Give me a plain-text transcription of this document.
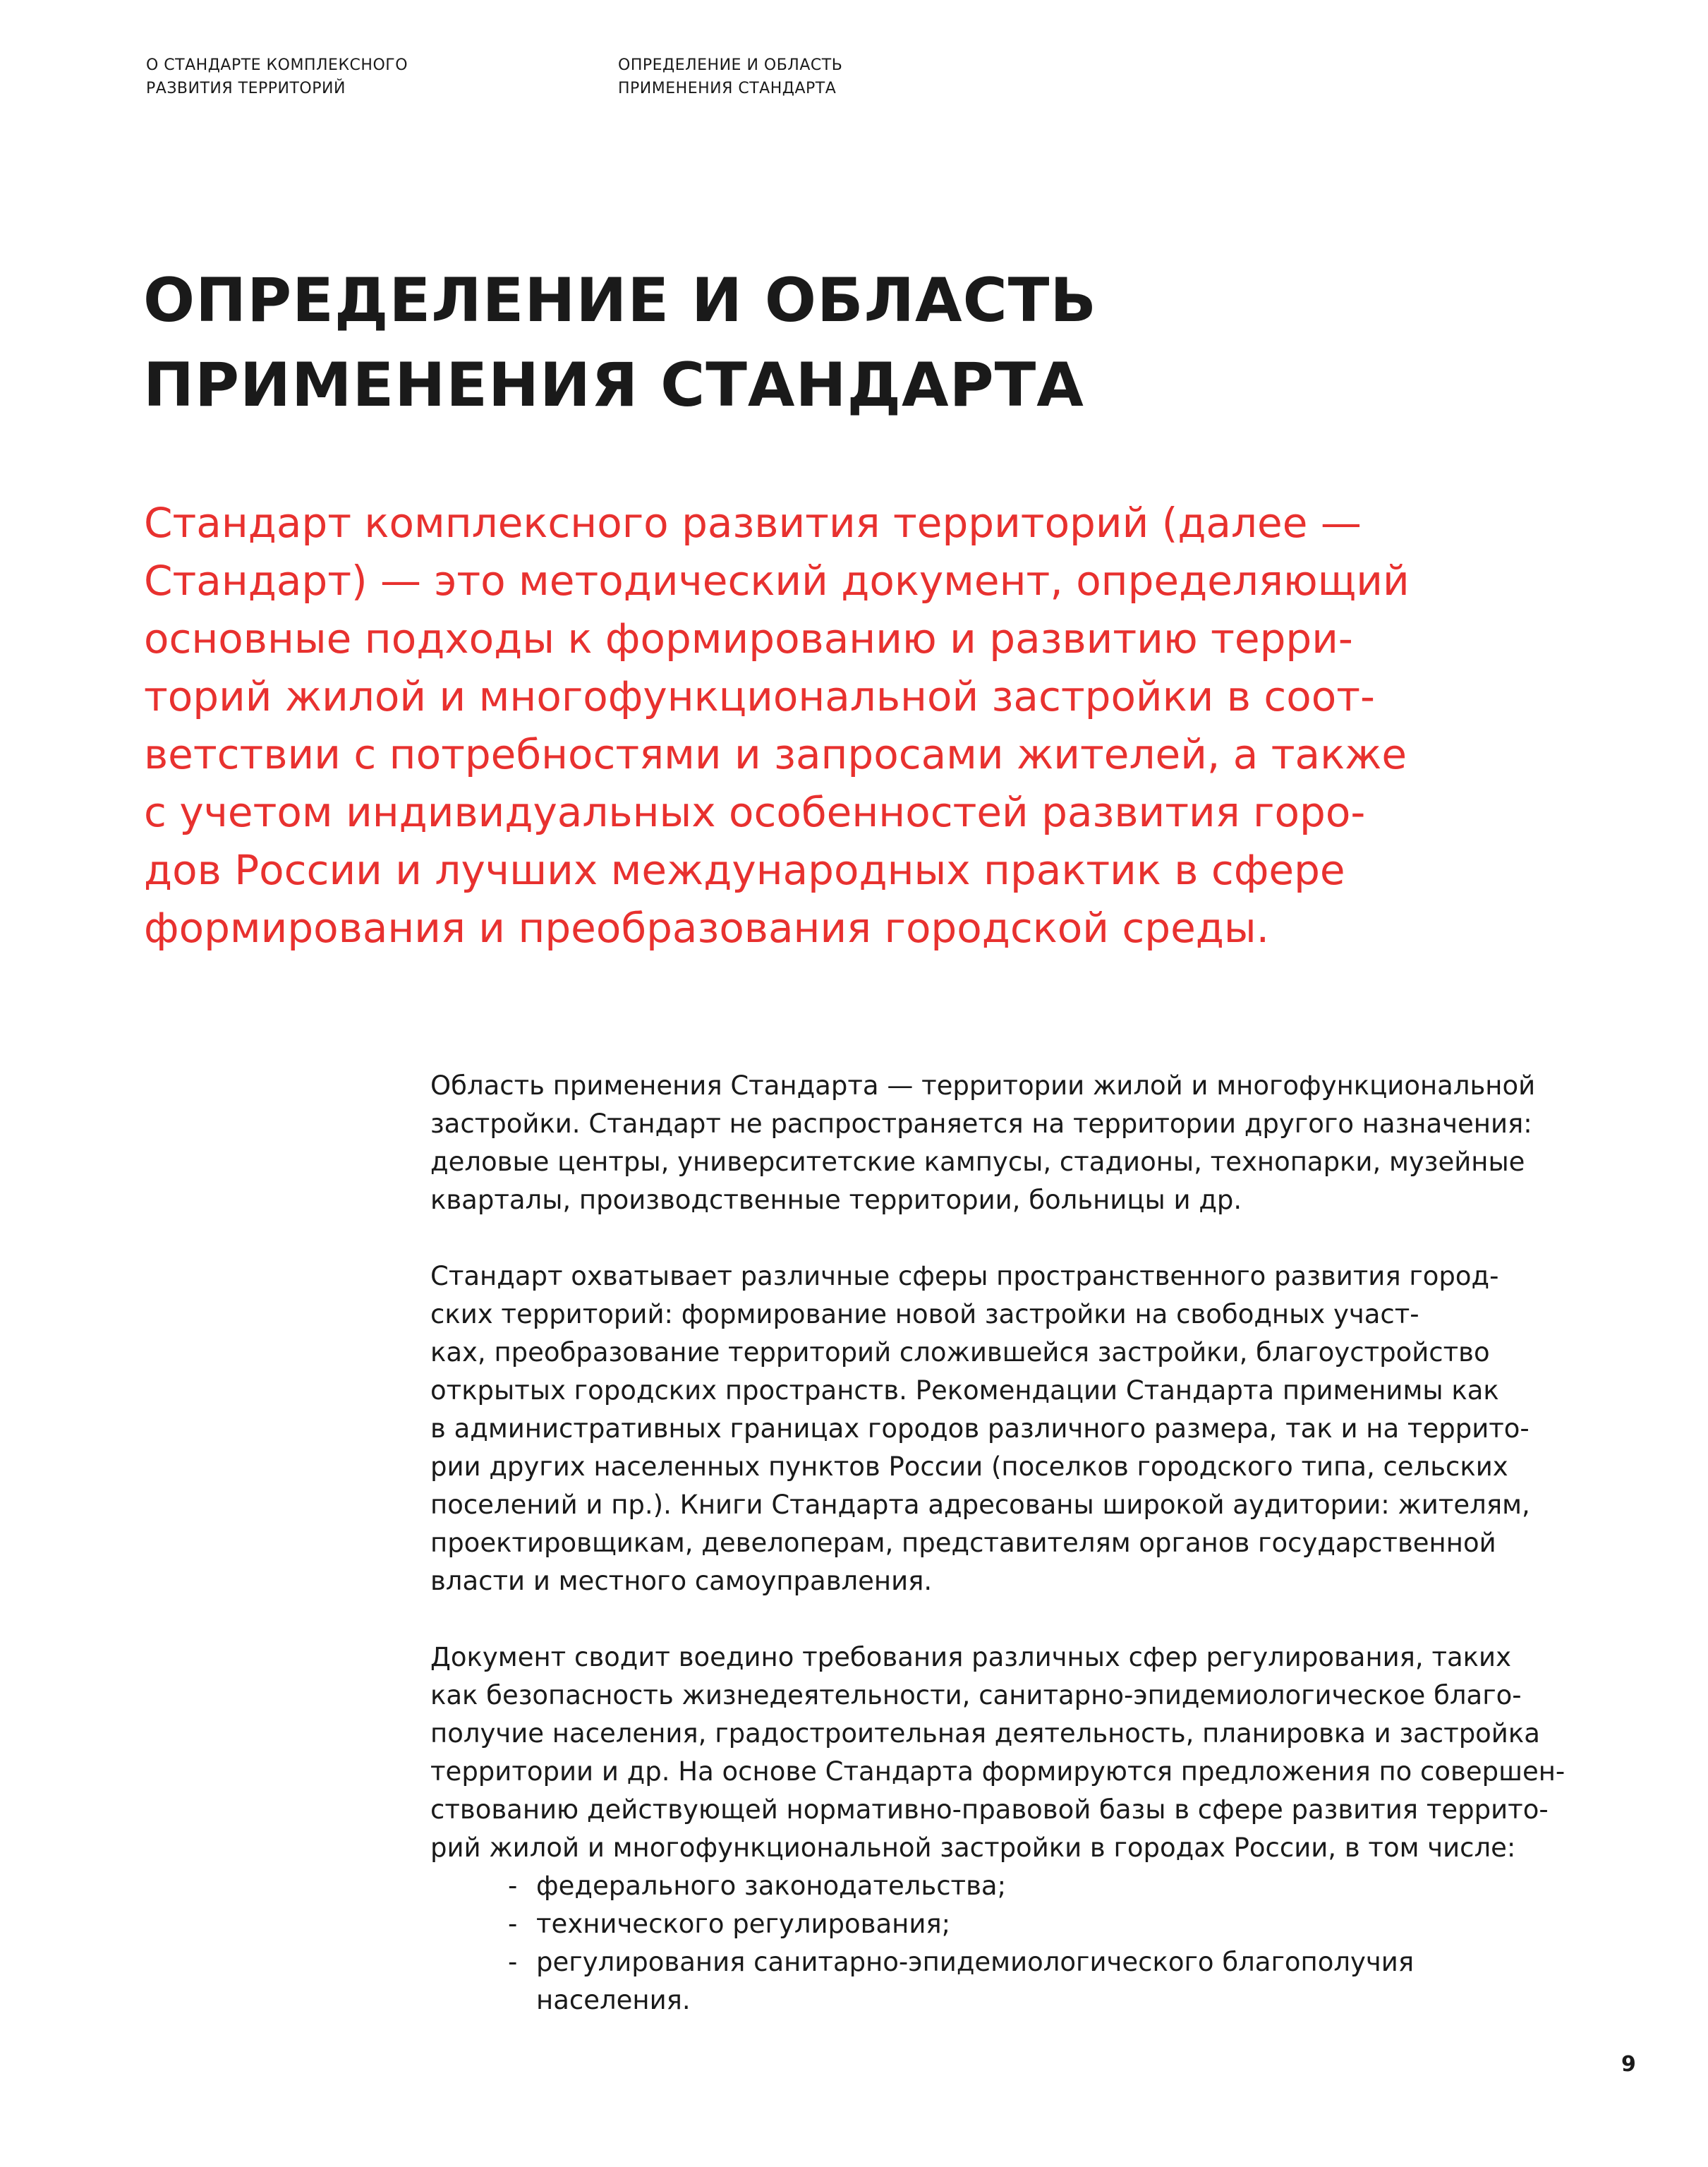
О СТАНДАРТЕ КОМПЛЕКСНОГО
РАЗВИТИЯ ТЕРРИТОРИЙ
ОПРЕДЕЛЕНИЕ И ОБЛАСТЬ
ПРИМЕНЕНИЯ СТАНДАРТА
ОПРЕДЕЛЕНИЕ И ОБЛАСТЬ
ПРИМЕНЕНИЯ СТАНДАРТА
Стандарт комплексного развития территорий (далее —
Стандарт) — это методический документ, определяющий
основные подходы к формированию и развитию терри-
торий жилой и многофункциональной застройки в соот-
ветствии с потребностями и запросами жителей, а также
с учетом индивидуальных особенностей развития горо-
дов России и лучших международных практик в сфере
формирования и преобразования городской среды.
Область применения Стандарта — территории жилой и многофункциональной
застройки. Стандарт не распространяется на территории другого назначения:
деловые центры, университетские кампусы, стадионы, технопарки, музейные
кварталы, производственные территории, больницы и др.
Стандарт охватывает различные сферы пространственного развития город-
ских территорий: формирование новой застройки на свободных участ-
ках, преобразование территорий сложившейся застройки, благоустройство
открытых городских пространств. Рекомендации Стандарта применимы как
в административных границах городов различного размера, так и на террито-
рии других населенных пунктов России (поселков городского типа, сельских
поселений и пр.). Книги Стандарта адресованы широкой аудитории: жителям,
проектировщикам, девелоперам, представителям органов государственной
власти и местного самоуправления.
Документ сводит воедино требования различных сфер регулирования, таких
как безопасность жизнедеятельности, санитарно-эпидемиологическое благо-
получие населения, градостроительная деятельность, планировка и застройка
территории и др. На основе Стандарта формируются предложения по совершен-
ствованию действующей нормативно-правовой базы в сфере развития террито-
рий жилой и многофункциональной застройки в городах России, в том числе:
- федерального законодательства;
- технического регулирования;
- регулирования санитарно-эпидемиологического благополучия
населения.
9
